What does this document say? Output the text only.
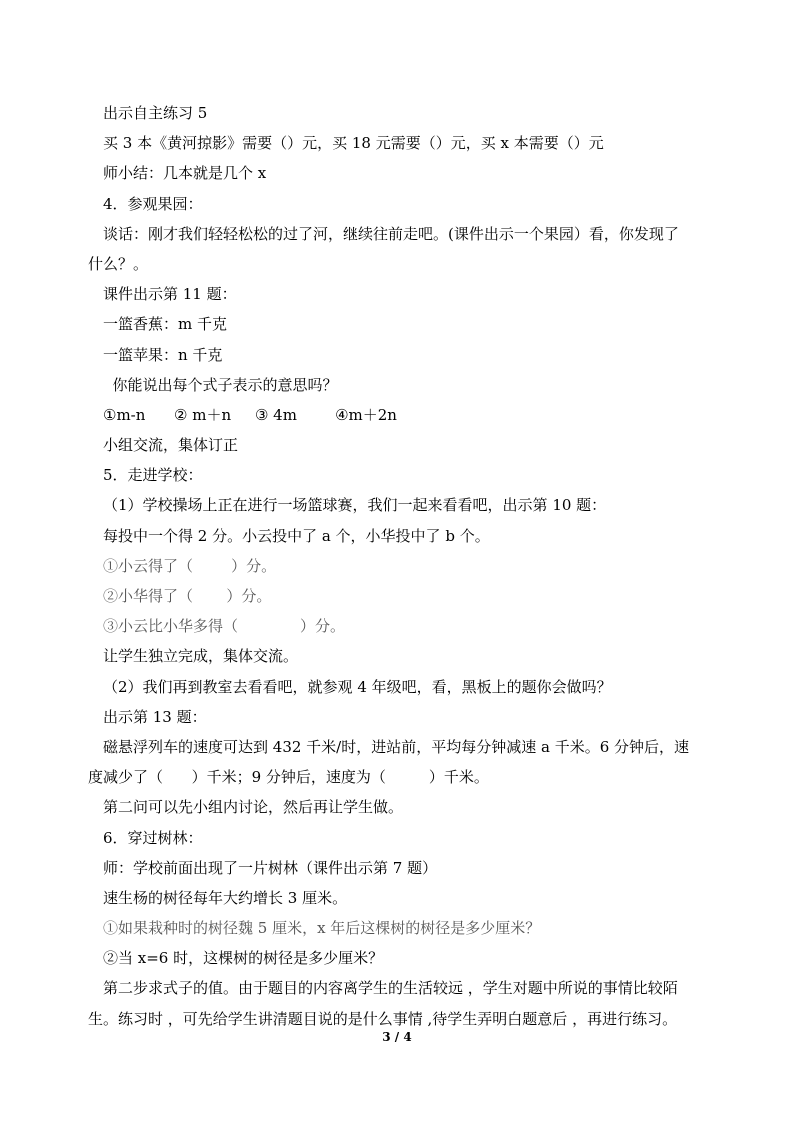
出示自主练习 5
买 3 本《黄河掠影》需要（）元，买 18 元需要（）元，买 x 本需要（）元
师小结：几本就是几个 x
4．参观果园：
谈话：刚才我们轻轻松松的过了河，继续往前走吧。(课件出示一个果园）看，你发现了
什么？。
课件出示第 11 题：
一篮香蕉：m 千克
一篮苹果：n 千克
你能说出每个式子表示的意思吗？
①m-n      ② m＋n     ③ 4m        ④m＋2n
小组交流，集体订正
5．走进学校：
（1）学校操场上正在进行一场篮球赛，我们一起来看看吧，出示第 10 题：
每投中一个得 2 分。小云投中了 a 个，小华投中了 b 个。
①小云得了（        ）分。
②小华得了（       ）分。
③小云比小华多得（             ）分。
让学生独立完成，集体交流。
（2）我们再到教室去看看吧，就参观 4 年级吧，看，黑板上的题你会做吗？
出示第 13 题：
磁悬浮列车的速度可达到 432 千米/时，进站前，平均每分钟减速 a 千米。6 分钟后，速
度减少了（      ）千米；9 分钟后，速度为（         ）千米。
第二问可以先小组内讨论，然后再让学生做。
6．穿过树林：
师：学校前面出现了一片树林（课件出示第 7 题）
速生杨的树径每年大约增长 3 厘米。
①如果栽种时的树径魏 5 厘米，x 年后这棵树的树径是多少厘米？
②当 x=6 时，这棵树的树径是多少厘米？
第二步求式子的值。由于题目的内容离学生的生活较远 ，学生对题中所说的事情比较陌
生。练习时 ，可先给学生讲清题目说的是什么事情 ,待学生弄明白题意后 ，再进行练习。
3 / 4
